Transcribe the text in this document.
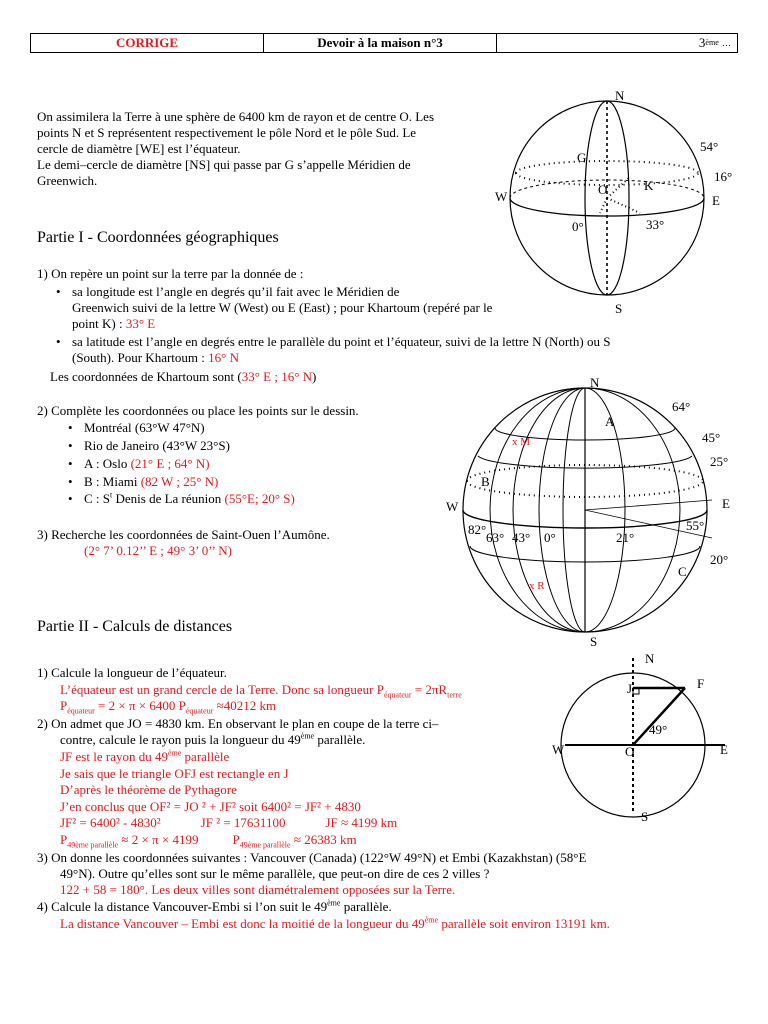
CORRIGE	Devoir à la maison n°3	3 ème
…
On assimilera la Terre à une sphère de 6400 km de rayon et de centre O. Les
points N et S représentent respectivement le pôle Nord et le pôle Sud. Le
cercle de diamètre [WE] est l’équateur.
Le demi–cercle de diamètre [NS] qui passe par G s’appelle Méridien de
Greenwich.
N
S
W	E
G
O	K
54°
16°
0°	33°
Partie I - Coordonnées géographiques
1) On repère un point sur la terre par la donnée de :
• sa longitude est l’angle en degrés qu’il fait avec le Méridien de
Greenwich suivi de la lettre W (West) ou E (East) ; pour Khartoum (repéré par le
point K) : 33° E
• sa latitude est l’angle en degrés entre le parallèle du point et l’équateur, suivi de la lettre N (North) ou S
(South). Pour Khartoum : 16° N
Les coordonnées de Khartoum sont (33° E ; 16° N)
2) Complète les coordonnées ou place les points sur le dessin.
• Montréal (63°W 47°N)
• Rio de Janeiro (43°W 23°S)
• A : Oslo (21° E ; 64° N)
• B : Miami (82 W ; 25° N)
• C : $S^t$ Denis de La réunion (55°E; 20° S)
3) Recherche les coordonnées de Saint-Ouen l’Aumône.
(2° 7’ 0.12’’ E ; 49° 3’ 0’’ N)
N
S
W	E
A
B
C
x M
x R
64°
45°
25°
55°
20°
82°
63° 43° 0°	21°
Partie II - Calculs de distances
1) Calcule la longueur de l’équateur.
L’équateur est un grand cercle de la Terre. Donc sa longueur $P_{équateur} = 2\pi R_{terre}$
$P_{équateur} = 2 \times \pi \times 6400$ $P_{équateur} \approx 40212$ km
2) On admet que JO = 4830 km. En observant le plan en coupe de la terre ci–
contre, calcule le rayon puis la longueur du 49ème parallèle.
JF est le rayon du 49ème parallèle
Je sais que le triangle OFJ est rectangle en J
D’après le théorème de Pythagore
J’en conclus que OF² = JO ² + JF² soit 6400² = JF² + 4830
JF² = 6400² - 4830²	JF ² = 17631100	JF ≈ 4199 km
$P_{49ème parallèle} \approx 2 \times \pi \times 4199$	$P_{49ème parallèle} \approx 26383$ km
3) On donne les coordonnées suivantes : Vancouver (Canada) (122°W 49°N) et Embi (Kazakhstan) (58°E
49°N). Outre qu’elles sont sur le même parallèle, que peut-on dire de ces 2 villes ?
122 + 58 = 180°. Les deux villes sont diamétralement opposées sur la Terre.
4) Calcule la distance Vancouver-Embi si l’on suit le 49ème parallèle.
La distance Vancouver – Embi est donc la moitié de la longueur du 49ème parallèle soit environ 13191 km.
N
S
W	E
J	F
O
49°
